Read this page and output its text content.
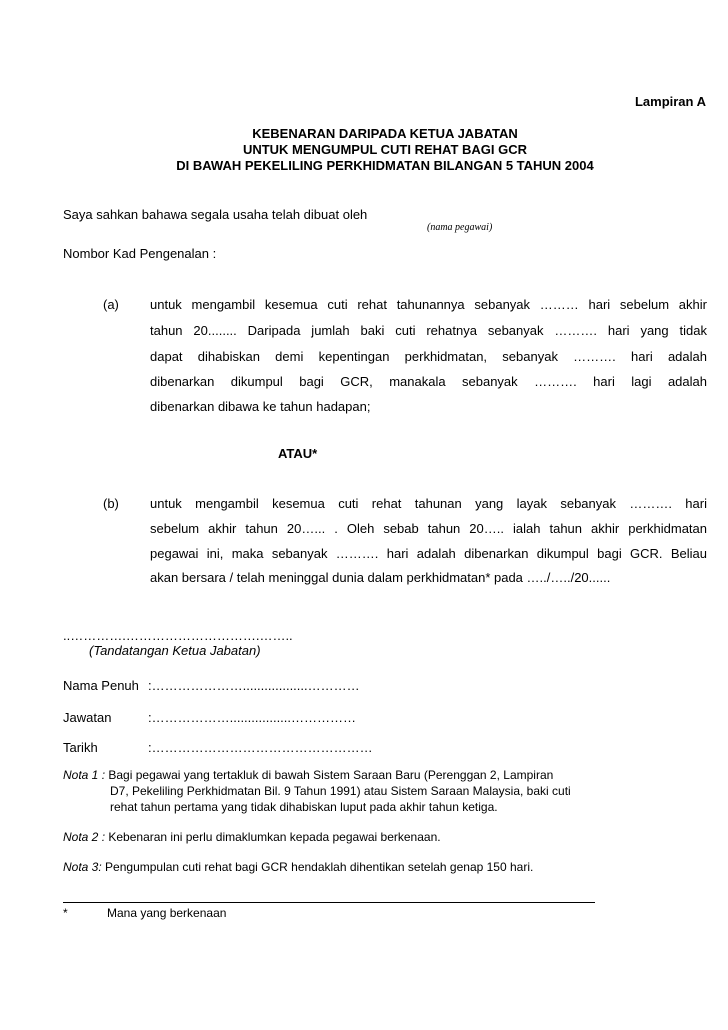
Lampiran A
KEBENARAN DARIPADA KETUA JABATAN
UNTUK MENGUMPUL CUTI REHAT BAGI GCR
DI BAWAH PEKELILING PERKHIDMATAN BILANGAN 5 TAHUN 2004
Saya sahkan bahawa segala usaha telah dibuat oleh
(nama pegawai)
Nombor Kad Pengenalan :
(a) untuk mengambil kesemua cuti rehat tahunannya sebanyak ……… hari sebelum akhir
tahun 20........ Daripada jumlah baki cuti rehatnya sebanyak ………. hari yang tidak
dapat dihabiskan demi kepentingan perkhidmatan, sebanyak ………. hari adalah
dibenarkan dikumpul bagi GCR, manakala sebanyak ………. hari lagi adalah
dibenarkan dibawa ke tahun hadapan;
ATAU*
(b) untuk mengambil kesemua cuti rehat tahunan yang layak sebanyak ………. hari
sebelum akhir tahun 20…... . Oleh sebab tahun 20….. ialah tahun akhir perkhidmatan
pegawai ini, maka sebanyak ………. hari adalah dibenarkan dikumpul bagi GCR. Beliau
akan bersara / telah meninggal dunia dalam perkhidmatan* pada …../…../20......
..………….………………………….……..
(Tandatangan Ketua Jabatan)
Nama Penuh :…………………..................…………
Jawatan	:……………….................……………
Tarikh	:……………………………………………
Nota 1 : Bagi pegawai yang tertakluk di bawah Sistem Saraan Baru (Perenggan 2, Lampiran
D7, Pekeliling Perkhidmatan Bil. 9 Tahun 1991) atau Sistem Saraan Malaysia, baki cuti
rehat tahun pertama yang tidak dihabiskan luput pada akhir tahun ketiga.
Nota 2 : Kebenaran ini perlu dimaklumkan kepada pegawai berkenaan.
Nota 3: Pengumpulan cuti rehat bagi GCR hendaklah dihentikan setelah genap 150 hari.
*	Mana yang berkenaan
